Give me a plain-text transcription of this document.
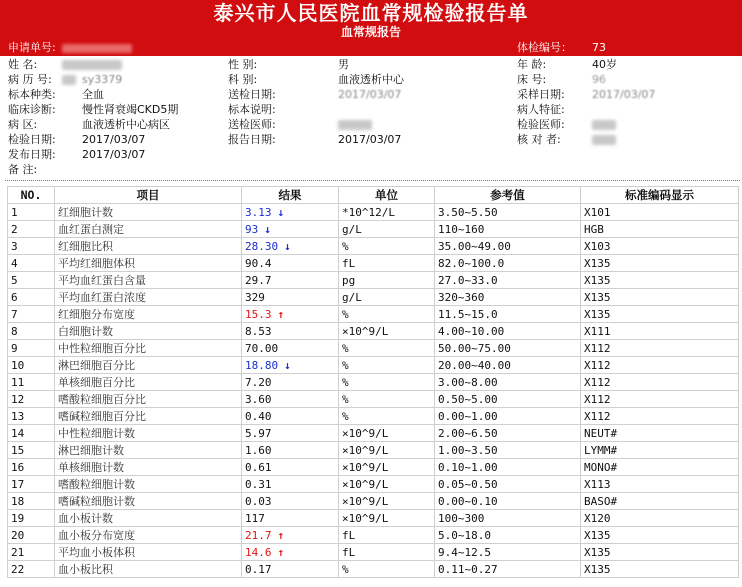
泰兴市人民医院血常规检验报告单
血常规报告
申请单号:	体检编号： 73
姓 名:	性 别:	男	年 龄:	40岁
病 历 号:	sy3379	科 别:	血液透析中心	床 号:	96
标本种类: 全血	送检日期:	2017/03/07	采样日期: 2017/03/07
临床诊断: 慢性肾衰竭CKD5期	标本说明:	病人特征:
病 区:	血液透析中心病区	送检医师:	检验医师:
检验日期: 2017/03/07	报告日期:	2017/03/07	核 对 者:
发布日期: 2017/03/07
备 注:
NO.	项目	结果	单位	参考值	标准编码显示
1	红细胞计数	3.13 ↓	*10^12/L	3.50~5.50	X101
2	血红蛋白测定	93 ↓	g/L	110~160	HGB
3	红细胞比积	28.30 ↓	%	35.00~49.00	X103
4	平均红细胞体积	90.4	fL	82.0~100.0	X135
5	平均血红蛋白含量	29.7	pg	27.0~33.0	X135
6	平均血红蛋白浓度	329	g/L	320~360	X135
7	红细胞分布宽度	15.3 ↑	%	11.5~15.0	X135
8	白细胞计数	8.53	×10^9/L	4.00~10.00	X111
9	中性粒细胞百分比	70.00	%	50.00~75.00	X112
10	淋巴细胞百分比	18.80 ↓	%	20.00~40.00	X112
11	单核细胞百分比	7.20	%	3.00~8.00	X112
12	嗜酸粒细胞百分比	3.60	%	0.50~5.00	X112
13	嗜碱粒细胞百分比	0.40	%	0.00~1.00	X112
14	中性粒细胞计数	5.97	×10^9/L	2.00~6.50	NEUT#
15	淋巴细胞计数	1.60	×10^9/L	1.00~3.50	LYMM#
16	单核细胞计数	0.61	×10^9/L	0.10~1.00	MONO#
17	嗜酸粒细胞计数	0.31	×10^9/L	0.05~0.50	X113
18	嗜碱粒细胞计数	0.03	×10^9/L	0.00~0.10	BASO#
19	血小板计数	117	×10^9/L	100~300	X120
20	血小板分布宽度	21.7 ↑	fL	5.0~18.0	X135
21	平均血小板体积	14.6 ↑	fL	9.4~12.5	X135
22	血小板比积	0.17	%	0.11~0.27	X135
